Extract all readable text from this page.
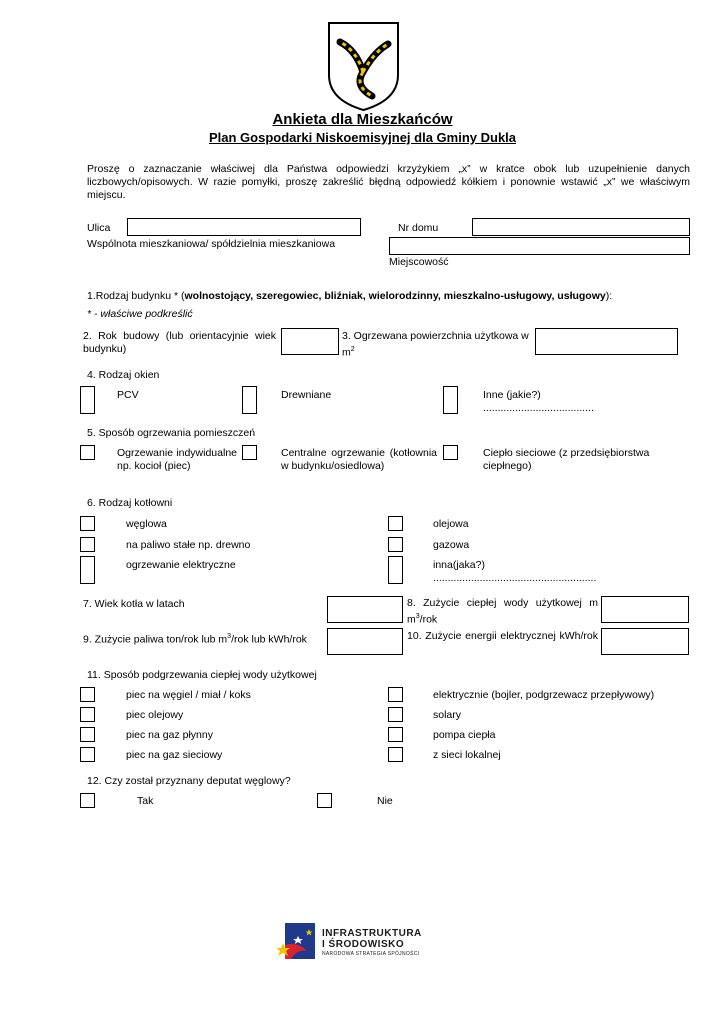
Ankieta dla Mieszkańców
Plan Gospodarki Niskoemisyjnej dla Gminy Dukla
Proszę o zaznaczanie właściwej dla Państwa odpowiedzi krzyżykiem „x” w kratce obok lub uzupełnienie danych liczbowych/opisowych. W razie pomyłki, proszę zakreślić błędną odpowiedź kółkiem i ponownie wstawić „x” we właściwym miejscu.
Ulica	Nr domu
Wspólnota mieszkaniowa/ spółdzielnia mieszkaniowa
Miejscowość
1.Rodzaj budynku * (wolnostojący, szeregowiec, bliźniak, wielorodzinny, mieszkalno-usługowy, usługowy):
* - właściwe podkreślić
2. Rok budowy (lub orientacyjnie wiek budynku)
3. Ogrzewana powierzchnia użytkowa w $m^2$
4. Rodzaj okien
PCV	Drewniane	Inne (jakie?)
......................................
5. Sposób ogrzewania pomieszczeń
Ogrzewanie indywidualne np. kocioł (piec)
Centralne ogrzewanie (kotłownia w budynku/osiedlowa)
Ciepło sieciowe (z przedsiębiorstwa ciepłnego)
6. Rodzaj kotłowni
węglowa
na paliwo stałe np. drewno
ogrzewanie elektryczne
olejowa
gazowa
inna(jaka?)
........................................................
7. Wiek kotła w latach	8. Zużycie ciepłej wody użytkowej m
$m^3$/rok
9. Zużycie paliwa ton/rok lub $m^3$/rok lub kWh/rok	10. Zużycie energii elektrycznej kWh/rok
11. Sposób podgrzewania ciepłej wody użytkowej
piec na węgiel / miał / koks
piec olejowy
piec na gaz płynny
piec na gaz sieciowy
elektrycznie (bojler, podgrzewacz przepływowy)
solary
pompa ciepła
z sieci lokalnej
12. Czy został przyznany deputat węglowy?
Tak	Nie
INFRASTRUKTURA
I ŚRODOWISKO
NARODOWA STRATEGIA SPÓJNOŚCI
